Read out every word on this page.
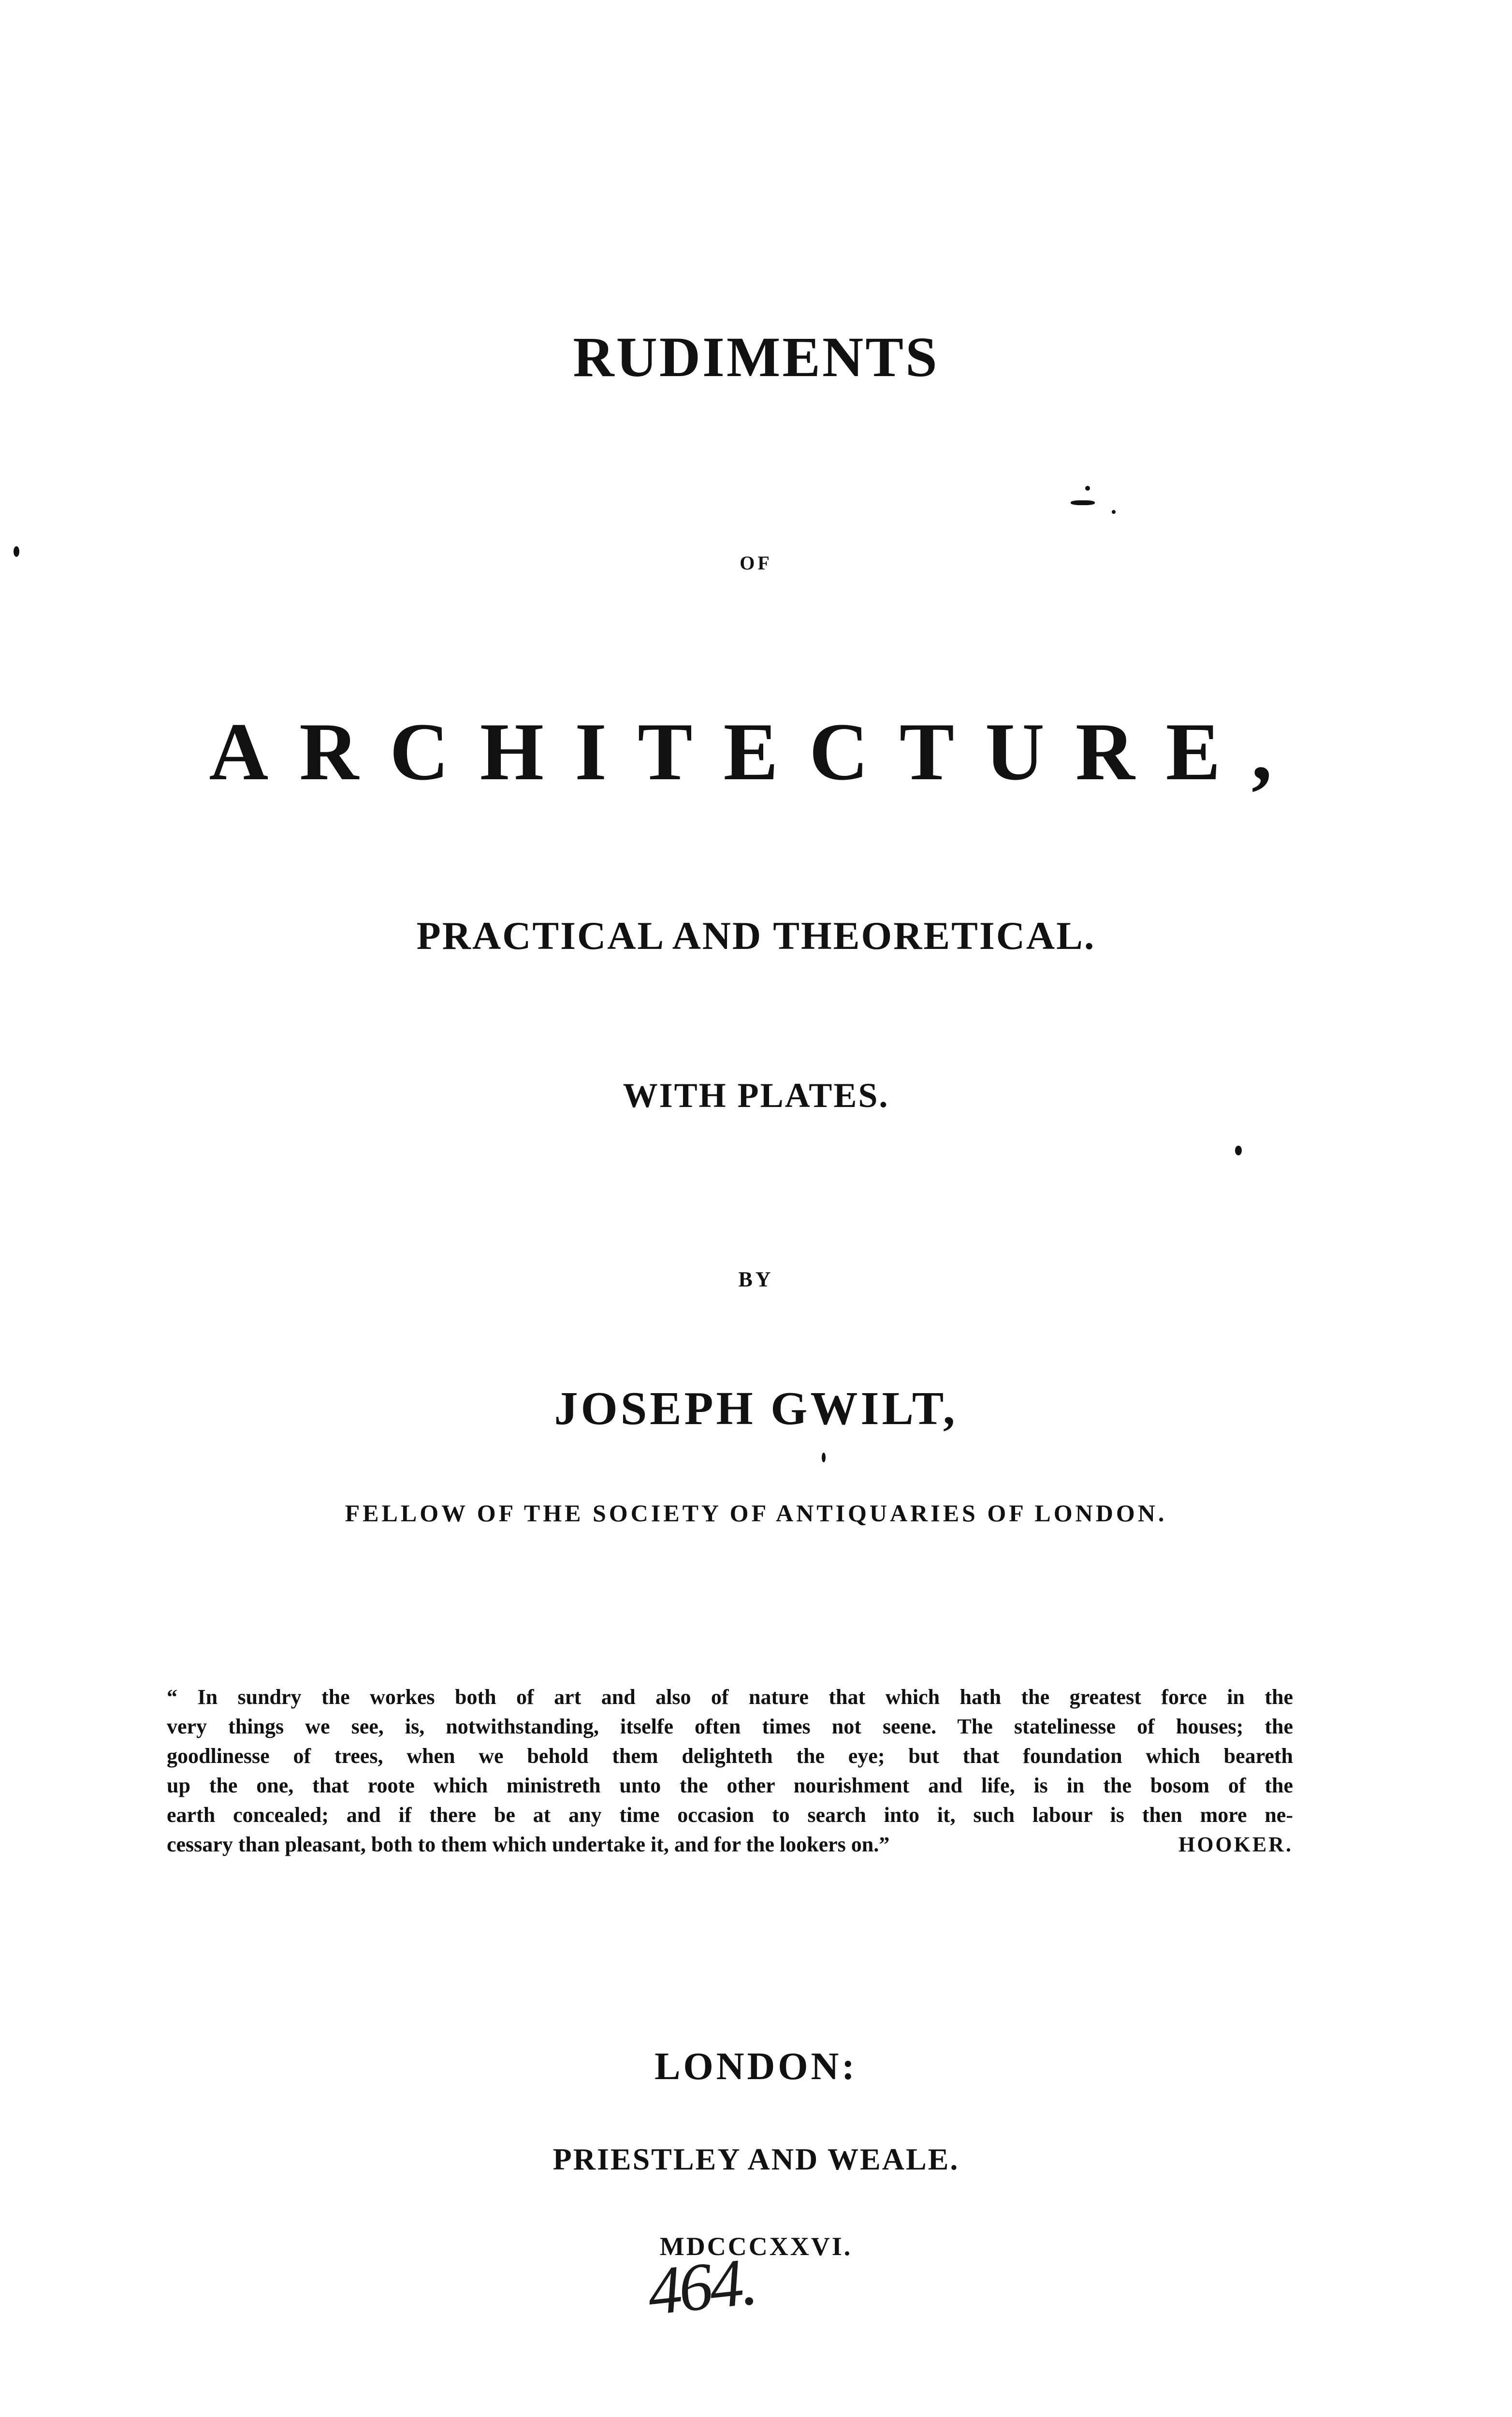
RUDIMENTS
OF
ARCHITECTURE,
PRACTICAL AND THEORETICAL.
WITH PLATES.
BY
JOSEPH GWILT,
FELLOW OF THE SOCIETY OF ANTIQUARIES OF LONDON.
“ In sundry the workes both of art and also of nature that which hath the greatest force in the
very things we see, is, notwithstanding, itselfe often times not seene. The statelinesse of houses; the
goodlinesse of trees, when we behold them delighteth the eye; but that foundation which beareth
up the one, that roote which ministreth unto the other nourishment and life, is in the bosom of the
earth concealed; and if there be at any time occasion to search into it, such labour is then more ne-
cessary than pleasant, both to them which undertake it, and for the lookers on.”	HOOKER.
LONDON:
PRIESTLEY AND WEALE.
MDCCCXXVI.
464.
